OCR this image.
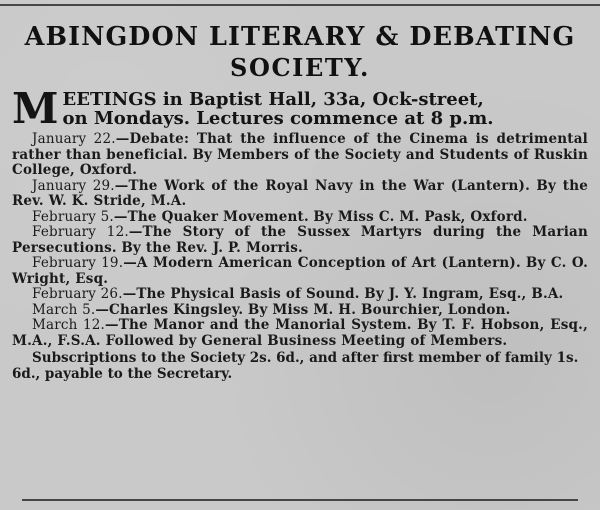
ABINGDON LITERARY & DEBATING
SOCIETY.
M EETINGS in Baptist Hall, 33a, Ock-street,
on Mondays. Lectures commence at 8 p.m.

January 22.—Debate: That the influence of the Cinema is detrimental rather than beneficial. By Members of the Society and Students of Ruskin College, Oxford.

January 29.—The Work of the Royal Navy in the War (Lantern). By the Rev. W. K. Stride, M.A.

February 5.—The Quaker Movement. By Miss C. M. Pask, Oxford.

February 12.—The Story of the Sussex Martyrs during the Marian Persecutions. By the Rev. J. P. Morris.

February 19.—A Modern American Conception of Art (Lantern). By C. O. Wright, Esq.

February 26.—The Physical Basis of Sound. By J. Y. Ingram, Esq., B.A.

March 5.—Charles Kingsley. By Miss M. H. Bourchier, London.

March 12.—The Manor and the Manorial System. By T. F. Hobson, Esq., M.A., F.S.A. Followed by General Business Meeting of Members.

Subscriptions to the Society 2s. 6d., and after first member of family 1s. 6d., payable to the Secretary.
